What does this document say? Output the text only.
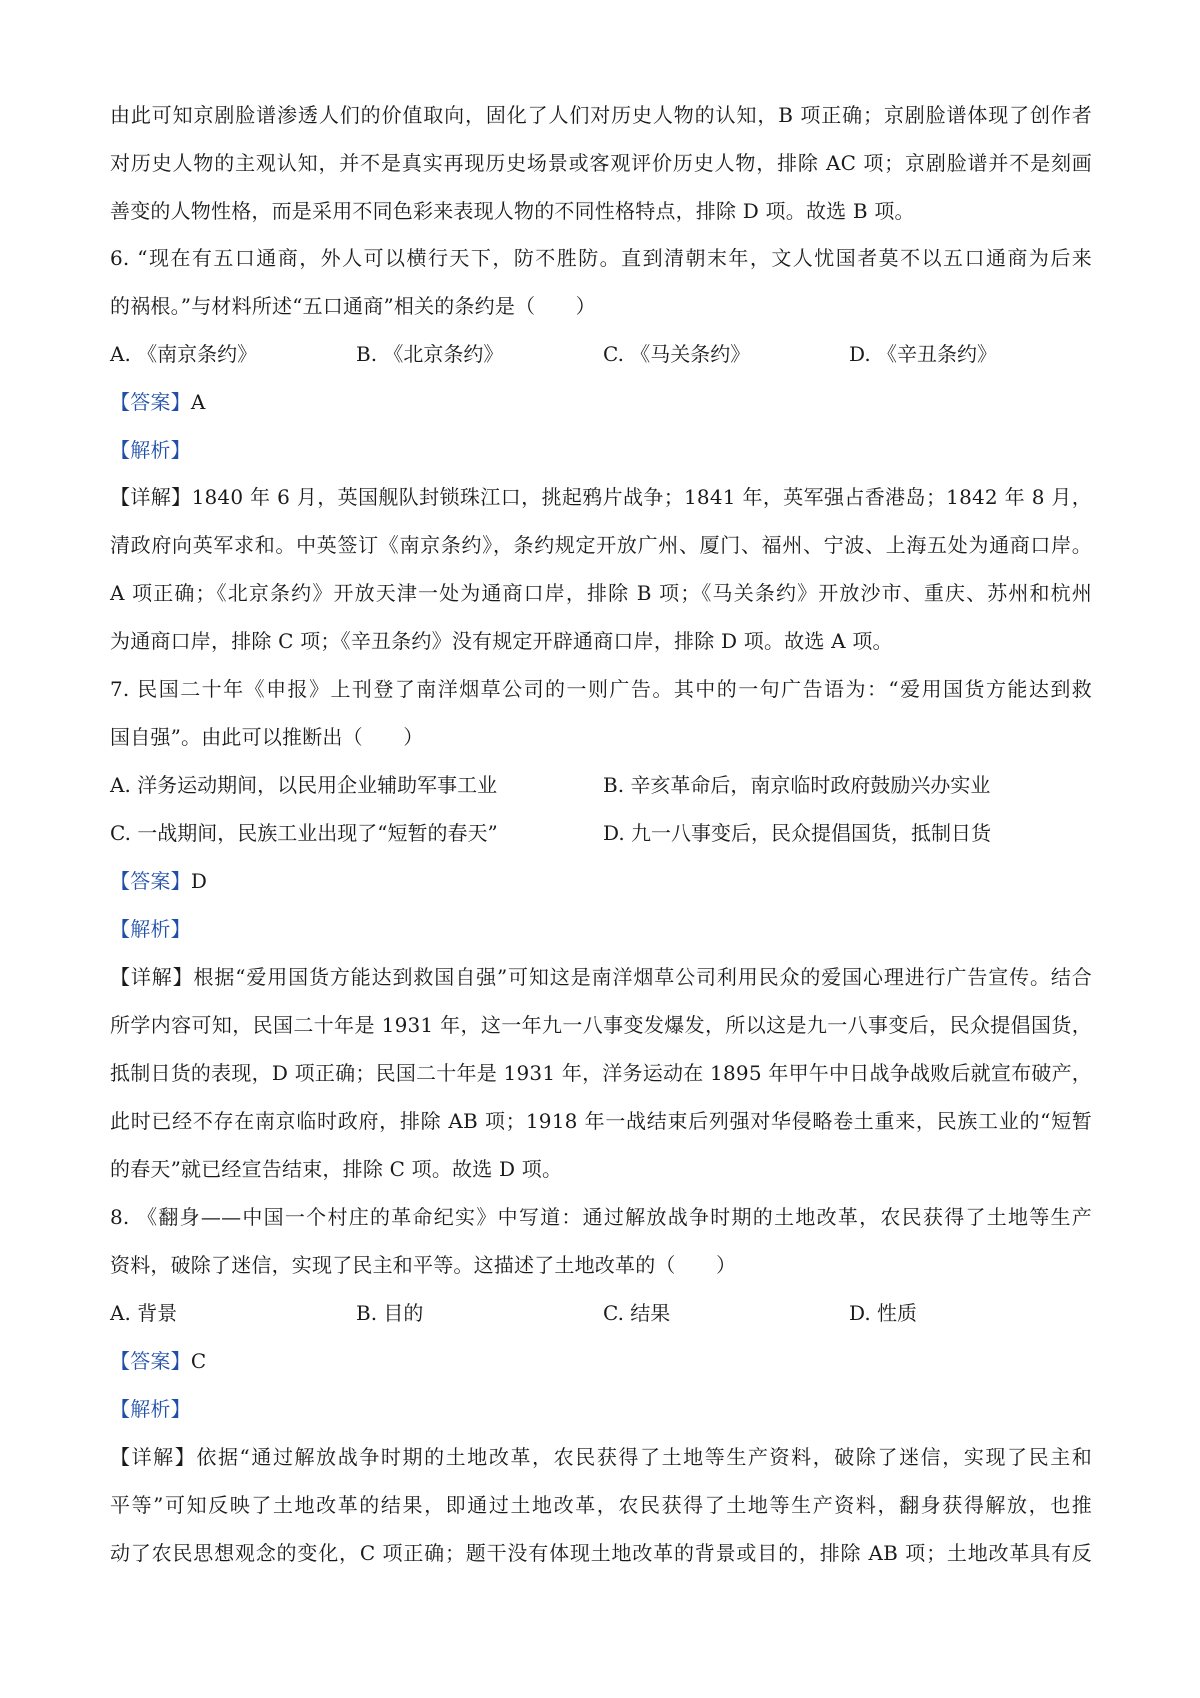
由此可知京剧脸谱渗透人们的价值取向，固化了人们对历史人物的认知，B 项正确；京剧脸谱体现了创作者
对历史人物的主观认知，并不是真实再现历史场景或客观评价历史人物，排除 AC 项；京剧脸谱并不是刻画
善变的人物性格，而是采用不同色彩来表现人物的不同性格特点，排除 D 项。故选 B 项。
6. “现在有五口通商，外人可以横行天下，防不胜防。直到清朝末年，文人忧国者莫不以五口通商为后来
的祸根。”与材料所述“五口通商”相关的条约是（　　）
A. 《南京条约》	B. 《北京条约》	C. 《马关条约》	D. 《辛丑条约》
【答案】A
【解析】
【详解】1840 年 6 月，英国舰队封锁珠江口，挑起鸦片战争；1841 年，英军强占香港岛；1842 年 8 月，
清政府向英军求和。中英签订《南京条约》，条约规定开放广州、厦门、福州、宁波、上海五处为通商口岸。
A 项正确；《北京条约》开放天津一处为通商口岸，排除 B 项；《马关条约》开放沙市、重庆、苏州和杭州
为通商口岸，排除 C 项；《辛丑条约》没有规定开辟通商口岸，排除 D 项。故选 A 项。
7. 民国二十年《申报》上刊登了南洋烟草公司的一则广告。其中的一句广告语为：“爱用国货方能达到救
国自强”。由此可以推断出（　　）
A. 洋务运动期间，以民用企业辅助军事工业	B. 辛亥革命后，南京临时政府鼓励兴办实业
C. 一战期间，民族工业出现了“短暂的春天”	D. 九一八事变后，民众提倡国货，抵制日货
【答案】D
【解析】
【详解】根据“爱用国货方能达到救国自强”可知这是南洋烟草公司利用民众的爱国心理进行广告宣传。结合
所学内容可知，民国二十年是 1931 年，这一年九一八事变发爆发，所以这是九一八事变后，民众提倡国货，
抵制日货的表现，D 项正确；民国二十年是 1931 年，洋务运动在 1895 年甲午中日战争战败后就宣布破产，
此时已经不存在南京临时政府，排除 AB 项；1918 年一战结束后列强对华侵略卷土重来，民族工业的“短暂
的春天”就已经宣告结束，排除 C 项。故选 D 项。
8. 《翻身——中国一个村庄的革命纪实》中写道：通过解放战争时期的土地改革，农民获得了土地等生产
资料，破除了迷信，实现了民主和平等。这描述了土地改革的（　　）
A. 背景	B. 目的	C. 结果	D. 性质
【答案】C
【解析】
【详解】依据“通过解放战争时期的土地改革，农民获得了土地等生产资料，破除了迷信，实现了民主和
平等”可知反映了土地改革的结果，即通过土地改革，农民获得了土地等生产资料，翻身获得解放，也推
动了农民思想观念的变化，C 项正确；题干没有体现土地改革的背景或目的，排除 AB 项；土地改革具有反
